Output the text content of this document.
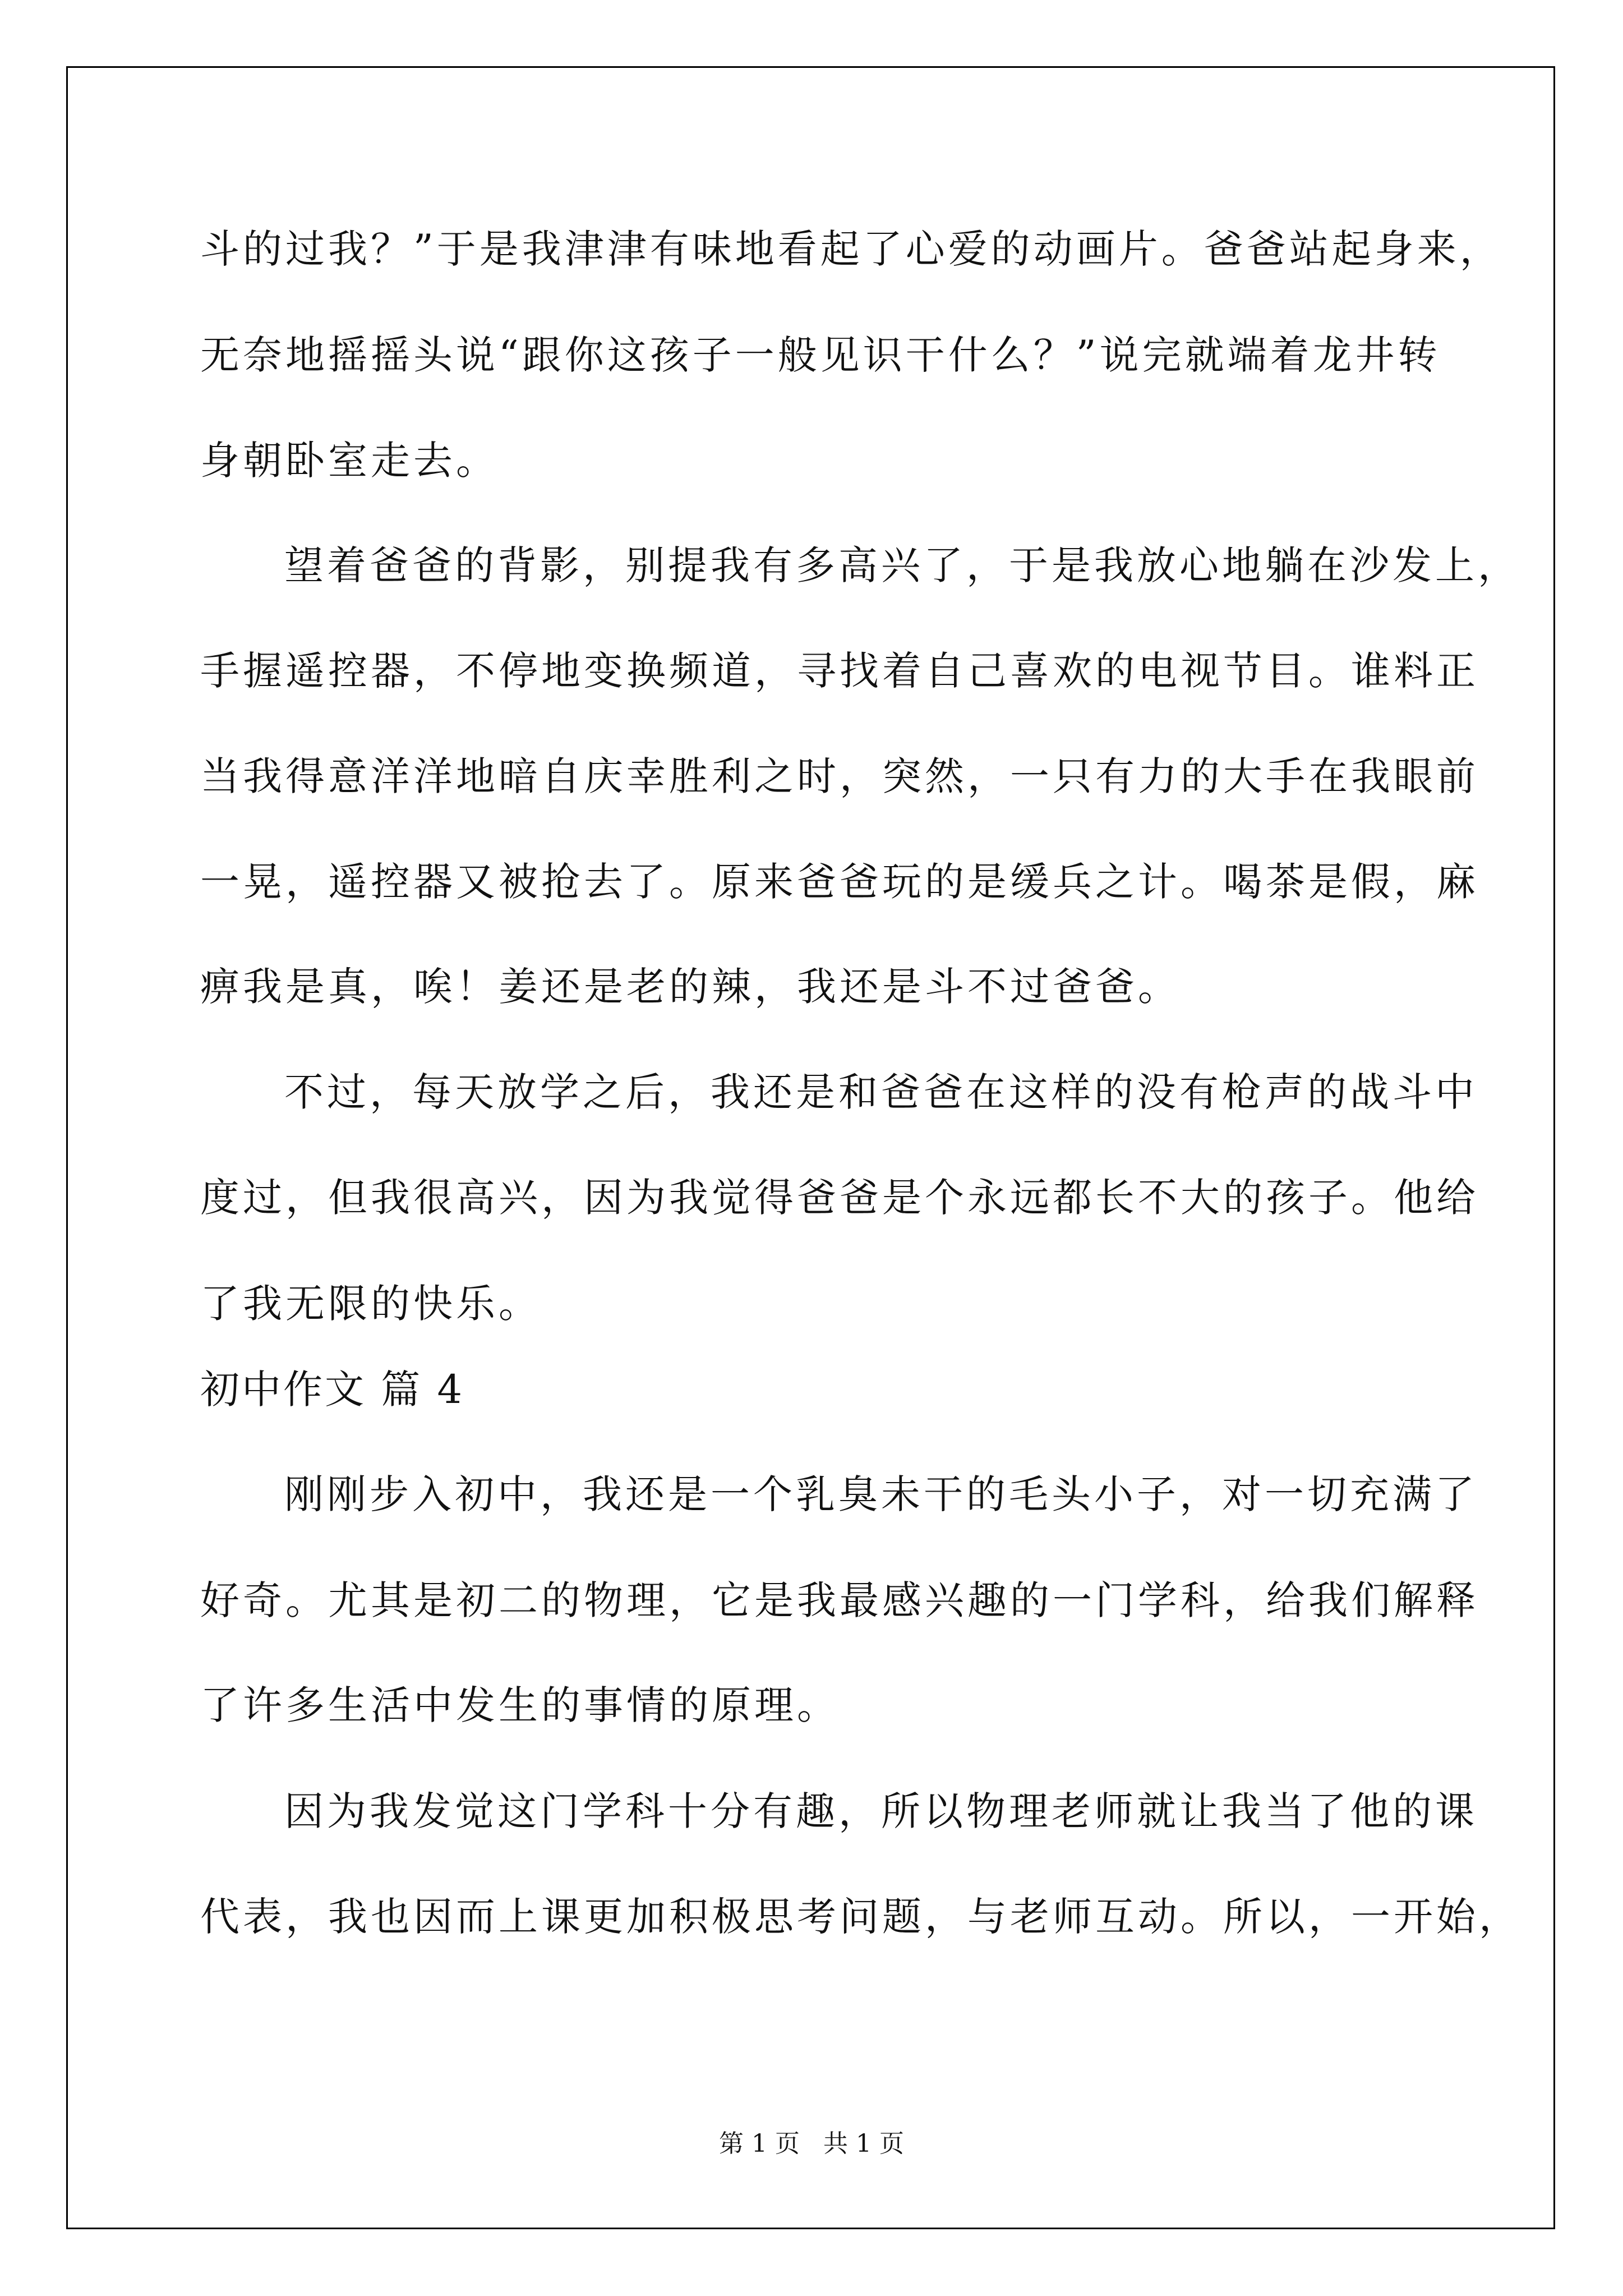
斗的过我？”于是我津津有味地看起了心爱的动画片。爸爸站起身来，
无奈地摇摇头说“跟你这孩子一般见识干什么？”说完就端着龙井转
身朝卧室走去。
望着爸爸的背影，别提我有多高兴了，于是我放心地躺在沙发上，
手握遥控器，不停地变换频道，寻找着自己喜欢的电视节目。谁料正
当我得意洋洋地暗自庆幸胜利之时，突然，一只有力的大手在我眼前
一晃，遥控器又被抢去了。原来爸爸玩的是缓兵之计。喝茶是假，麻
痹我是真，唉！姜还是老的辣，我还是斗不过爸爸。
不过，每天放学之后，我还是和爸爸在这样的没有枪声的战斗中
度过，但我很高兴，因为我觉得爸爸是个永远都长不大的孩子。他给
了我无限的快乐。
初中作文 篇 4
刚刚步入初中，我还是一个乳臭未干的毛头小子，对一切充满了
好奇。尤其是初二的物理，它是我最感兴趣的一门学科，给我们解释
了许多生活中发生的事情的原理。
因为我发觉这门学科十分有趣，所以物理老师就让我当了他的课
代表，我也因而上课更加积极思考问题，与老师互动。所以，一开始，
第 1 页   共 1 页
